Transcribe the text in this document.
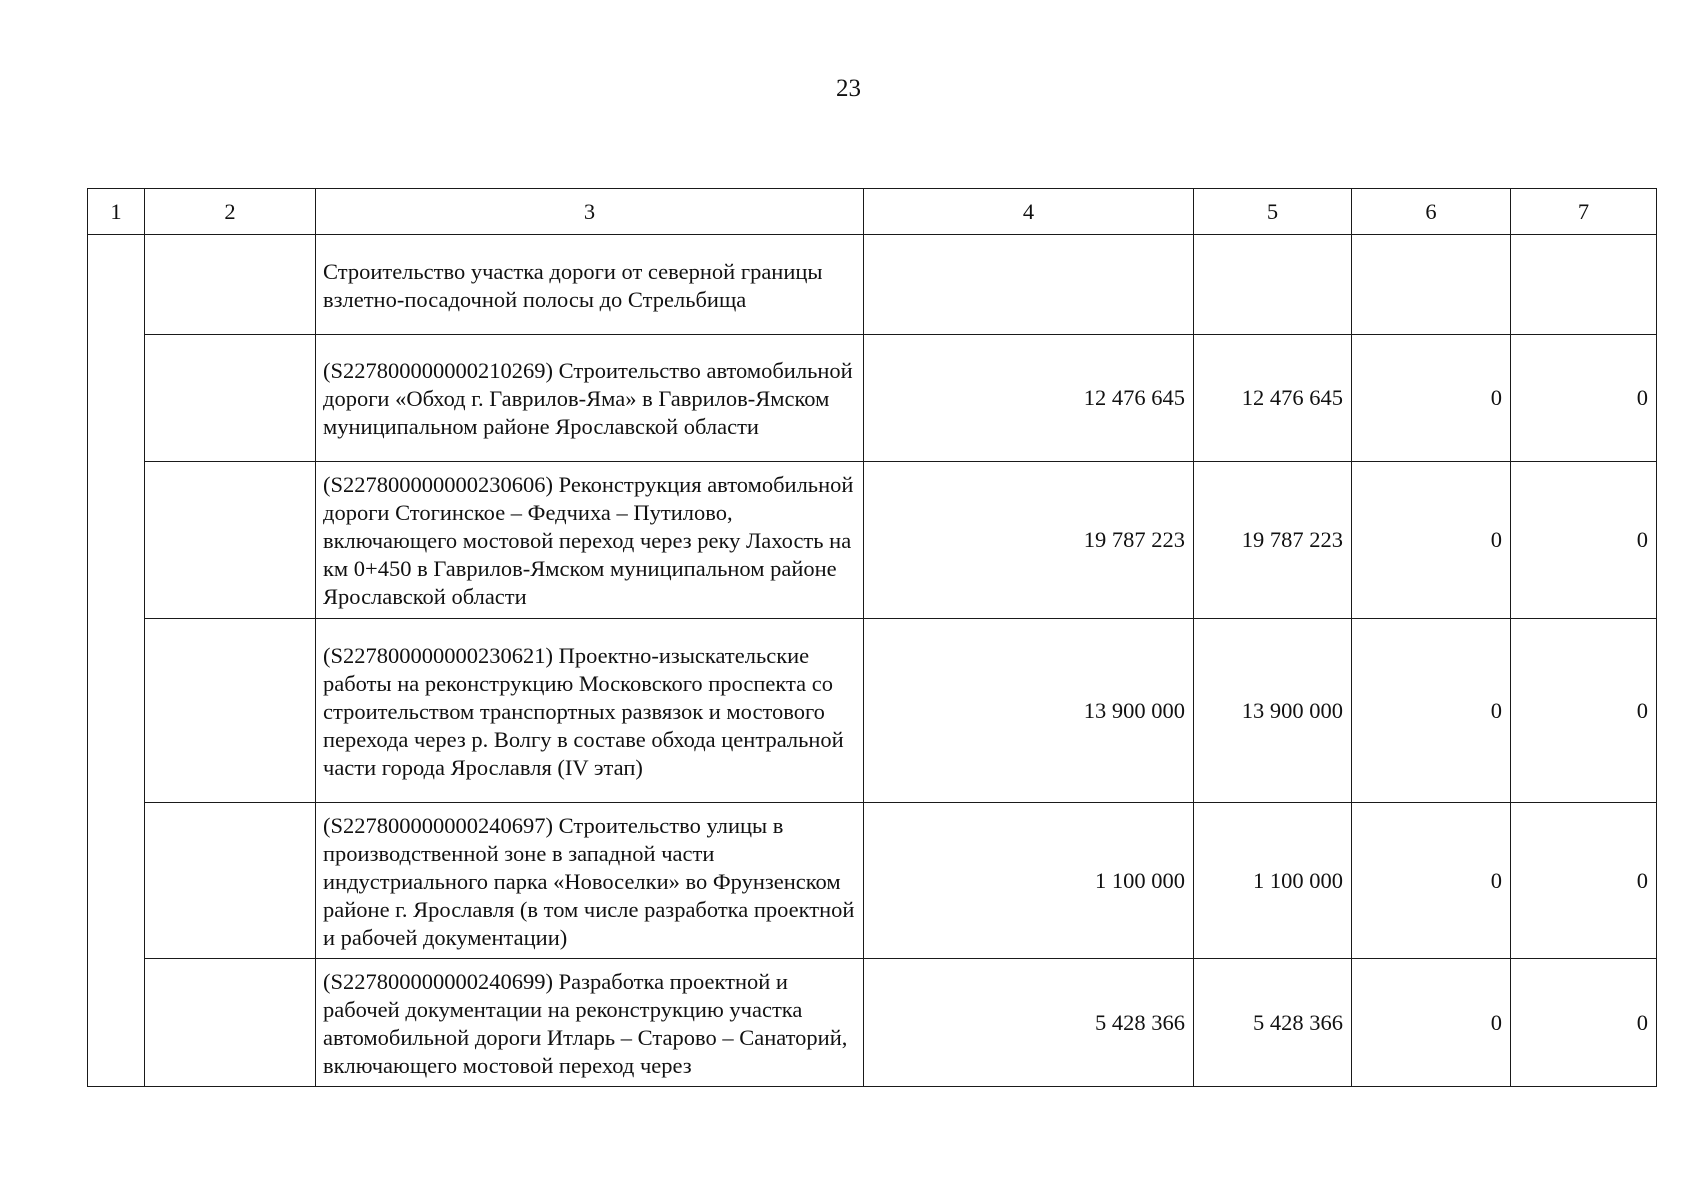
23
1	2	3	4	5	6	7
		Строительство участка дороги от северной границы взлетно-посадочной полосы до Стрельбища				
		(S227800000000210269) Строительство автомобильной дороги «Обход г. Гаврилов-Яма» в Гаврилов-Ямском муниципальном районе Ярославской области	12 476 645	12 476 645	0	0
		(S227800000000230606) Реконструкция автомобильной дороги Стогинское – Федчиха – Путилово, включающего мостовой переход через реку Лахость на км 0+450 в Гаврилов-Ямском муниципальном районе Ярославской области	19 787 223	19 787 223	0	0
		(S227800000000230621) Проектно-изыскательские работы на реконструкцию Московского проспекта со строительством транспортных развязок и мостового перехода через р. Волгу в составе обхода центральной части города Ярославля (IV этап)	13 900 000	13 900 000	0	0
		(S227800000000240697) Строительство улицы в производственной зоне в западной части индустриального парка «Новоселки» во Фрунзенском районе г. Ярославля (в том числе разработка проектной и рабочей документации)	1 100 000	1 100 000	0	0
		(S227800000000240699) Разработка проектной и рабочей документации на реконструкцию участка автомобильной дороги Итларь – Старово – Санаторий, включающего мостовой переход через	5 428 366	5 428 366	0	0
